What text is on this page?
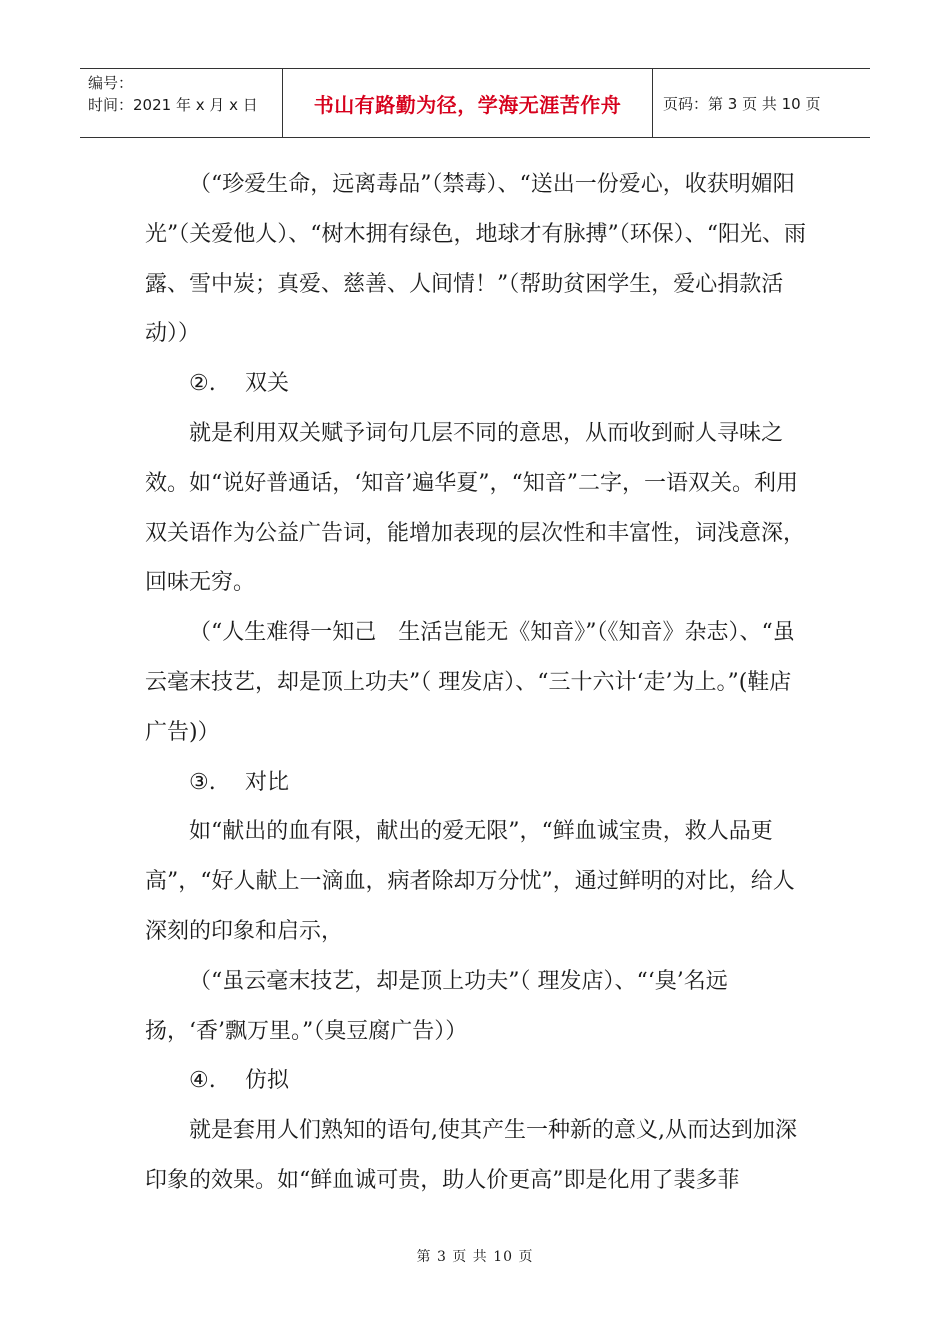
编号：
时间：2021 年 x 月 x 日	书山有路勤为径，学海无涯苦作舟	页码：第 3 页 共 10 页

（“珍爱生命，远离毒品”（禁毒）、“送出一份爱心，收获明媚阳光”（关爱他人）、“树木拥有绿色，地球才有脉搏”（环保）、“阳光、雨露、雪中炭；真爱、慈善、人间情！”（帮助贫困学生，爱心捐款活动））

②. 双关

就是利用双关赋予词句几层不同的意思，从而收到耐人寻味之效。如“说好普通话，‘知音’遍华夏”，“知音”二字，一语双关。利用双关语作为公益广告词，能增加表现的层次性和丰富性，词浅意深，回味无穷。

（“人生难得一知己　生活岂能无《知音》”（《知音》杂志）、“虽云毫末技艺，却是顶上功夫”（ 理发店）、“三十六计‘走’为上。”(鞋店广告)）

③. 对比

如“献出的血有限，献出的爱无限”，“鲜血诚宝贵，救人品更高”，“好人献上一滴血，病者除却万分忧”，通过鲜明的对比，给人深刻的印象和启示，

（“虽云毫末技艺，却是顶上功夫”（ 理发店）、“‘臭’名远扬，‘香’飘万里。”（臭豆腐广告））

④. 仿拟

就是套用人们熟知的语句,使其产生一种新的意义,从而达到加深印象的效果。如“鲜血诚可贵，助人价更高”即是化用了裴多菲

第 3 页 共 10 页
